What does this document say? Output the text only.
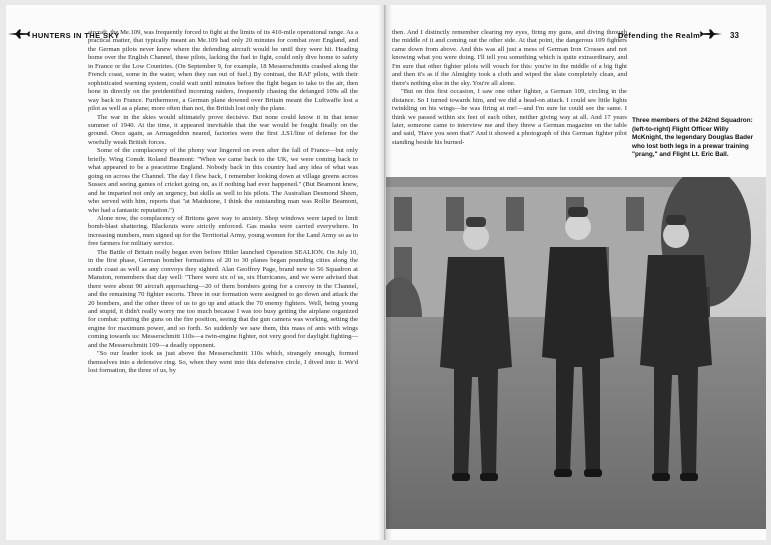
HUNTERS IN THE SKY

aircraft, the Me.109, was frequently forced to fight at the limits of its 410-mile operational range. As a practical matter, that typically meant an Me.109 had only 20 minutes for combat over England, and the German pilots never knew where the defending aircraft would be until they were hit. Heading home over the English Channel, these pilots, lacking the fuel to fight, could only dive home to safety in France or the Low Countries. (On September 9, for example, 18 Messerschmitts crashed along the French coast, some in the water, when they ran out of fuel.) By contrast, the RAF pilots, with their sophisticated warning system, could wait until minutes before the fight began to take to the air, then hone in directly on the preidentified incoming raiders, frequently chasing the defanged 109s all the way back to France. Furthermore, a German plane downed over Britain meant the Luftwaffe lost a pilot as well as a plane; more often than not, the British lost only the plane.

The war in the skies would ultimately prove decisive. But none could know it in that tense summer of 1940. At the time, it appeared inevitable that the war would be fought finally on the ground. Once again, as Armageddon neared, factories were the first .LS1/line of defense for the woefully weak British forces.

Some of the complacency of the phony war lingered on even after the fall of France—but only briefly. Wing Comdr. Roland Beamont: "When we came back to the UK, we were coming back to what appeared to be a peacetime England. Nobody back in this country had any idea of what was going on across the Channel. The day I flew back, I remember looking down at village greens across Sussex and seeing games of cricket going on, as if nothing had ever happened." (But Beamont knew, and he imparted not only an urgency, but skills as well to his pilots. The Australian Desmond Sheen, who served with him, reports that "at Maidstone, I think the outstanding man was Rollie Beamont, who had a fantastic reputation.")

Alone now, the complacency of Britons gave way to anxiety. Shop windows were taped to limit bomb-blast shattering. Blackouts were strictly enforced. Gas masks were carried everywhere. In increasing numbers, men signed up for the Territorial Army, young women for the Land Army so as to free farmers for military service.

The Battle of Britain really began even before Hitler launched Operation SEALION. On July 10, in the first phase, German bomber formations of 20 to 30 planes began pounding cities along the south coast as well as any convoys they sighted. Alan Geoffrey Page, brand new to 56 Squadron at Manston, remembers that day well: "There were six of us, six Hurricanes, and we were advised that there were about 90 aircraft approaching—20 of them bombers going for a convoy in the Channel, and the remaining 70 fighter escorts. Three in our formation were assigned to go down and attack the 20 bombers, and the other three of us to go up and attack the 70 enemy fighters. Well, being young and stupid, it didn't really worry me too much because I was too busy getting the airplane organized for combat: putting the guns on the fire position, seeing that the gun camera was working, setting the engine for maximum power, and so forth. So suddenly we saw them, this mass of ants with wings coming towards us: Messerschmitt 110s—a twin-engine fighter, not very good for daylight fighting—and the Messerschmitt 109—a deadly opponent.

"So our leader took us just above the Messerschmitt 110s which, strangely enough, formed themselves into a defensive ring. So, when they went into this defensive circle, I dived into it. We'd lost formation, the three of us, by

Defending the Realm	33

then. And I distinctly remember clearing my eyes, firing my guns, and diving through the middle of it and coming out the other side. At that point, the dangerous 109 fighters came down from above. And this was all just a mess of German Iron Crosses and not knowing what you were doing. I'll tell you something which is quite extraordinary, and I'm sure that other fighter pilots will vouch for this: you're in the middle of a big fight and then it's as if the Almighty took a cloth and wiped the slate completely clean, and there's nothing else in the sky. You're all alone.

"But on this first occasion, I saw one other fighter, a German 109, circling in the distance. So I turned towards him, and we did a head-on attack. I could see little lights twinkling on his wings—he was firing at me!—and I'm sure he could see the same. I think we passed within six feet of each other, neither giving way at all. And 17 years later, someone came to interview me and they threw a German magazine on the table and said, 'Have you seen that?' And it showed a photograph of this German fighter pilot standing beside his burned-

Three members of the 242nd Squadron: (left-to-right) Flight Officer Willy McKnight, the legendary Douglas Bader who lost both legs in a prewar training "prang," and Flight Lt. Eric Ball.
